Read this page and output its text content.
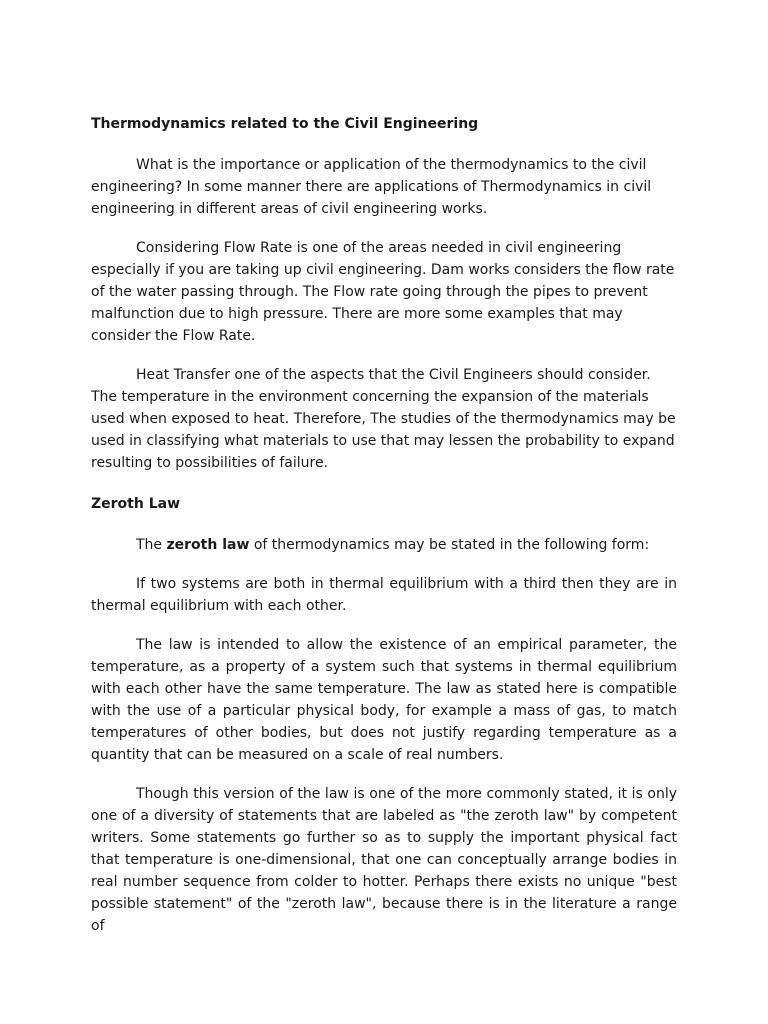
Thermodynamics related to the Civil Engineering

What is the importance or application of the thermodynamics to the civil engineering? In some manner there are applications of Thermodynamics in civil engineering in different areas of civil engineering works.

Considering Flow Rate is one of the areas needed in civil engineering especially if you are taking up civil engineering. Dam works considers the flow rate of the water passing through. The Flow rate going through the pipes to prevent malfunction due to high pressure. There are more some examples that may consider the Flow Rate.

Heat Transfer one of the aspects that the Civil Engineers should consider. The temperature in the environment concerning the expansion of the materials used when exposed to heat. Therefore, The studies of the thermodynamics may be used in classifying what materials to use that may lessen the probability to expand resulting to possibilities of failure.

Zeroth Law

The zeroth law of thermodynamics may be stated in the following form:

If two systems are both in thermal equilibrium with a third then they are in thermal equilibrium with each other.

The law is intended to allow the existence of an empirical parameter, the temperature, as a property of a system such that systems in thermal equilibrium with each other have the same temperature. The law as stated here is compatible with the use of a particular physical body, for example a mass of gas, to match temperatures of other bodies, but does not justify regarding temperature as a quantity that can be measured on a scale of real numbers.

Though this version of the law is one of the more commonly stated, it is only one of a diversity of statements that are labeled as "the zeroth law" by competent writers. Some statements go further so as to supply the important physical fact that temperature is one-dimensional, that one can conceptually arrange bodies in real number sequence from colder to hotter. Perhaps there exists no unique "best possible statement" of the "zeroth law", because there is in the literature a range of
